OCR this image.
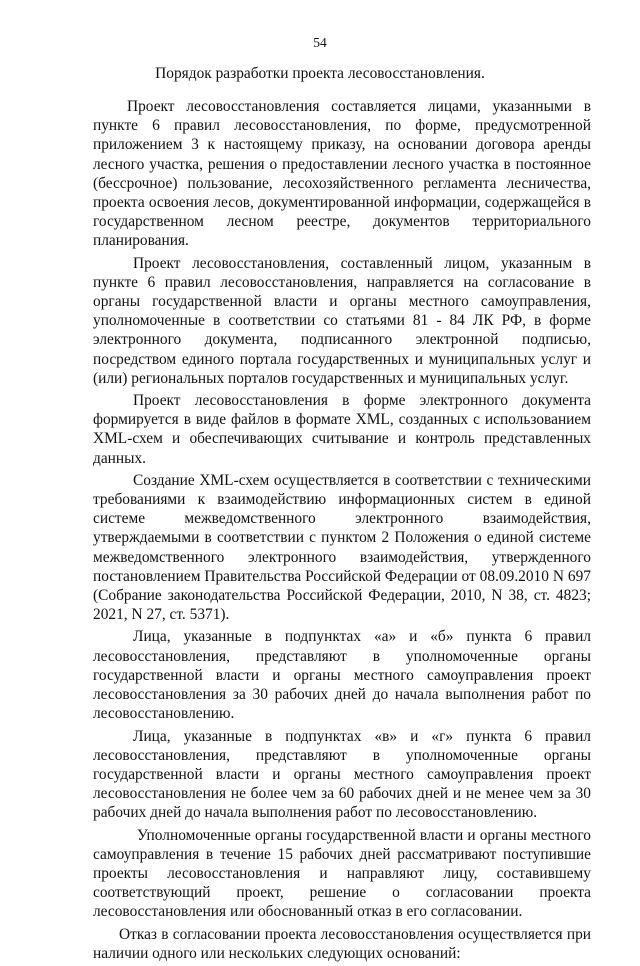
54
Порядок разработки проекта лесовосстановления.

Проект лесовосстановления составляется лицами, указанными в пункте 6 правил лесовосстановления, по форме, предусмотренной приложением 3 к настоящему приказу, на основании договора аренды лесного участка, решения о предоставлении лесного участка в постоянное (бессрочное) пользование, лесохозяйственного регламента лесничества, проекта освоения лесов, документированной информации, содержащейся в государственном лесном реестре, документов территориального планирования.

Проект лесовосстановления, составленный лицом, указанным в пункте 6 правил лесовосстановления, направляется на согласование в органы государственной власти и органы местного самоуправления, уполномоченные в соответствии со статьями 81 - 84 ЛК РФ, в форме электронного документа, подписанного электронной подписью, посредством единого портала государственных и муниципальных услуг и (или) региональных порталов государственных и муниципальных услуг.

Проект лесовосстановления в форме электронного документа формируется в виде файлов в формате XML, созданных с использованием XML-схем и обеспечивающих считывание и контроль представленных данных.

Создание XML-схем осуществляется в соответствии с техническими требованиями к взаимодействию информационных систем в единой системе межведомственного электронного взаимодействия, утверждаемыми в соответствии с пунктом 2 Положения о единой системе межведомственного электронного взаимодействия, утвержденного постановлением Правительства Российской Федерации от 08.09.2010 N 697 (Собрание законодательства Российской Федерации, 2010, N 38, ст. 4823; 2021, N 27, ст. 5371).

Лица, указанные в подпунктах «а» и «б» пункта 6 правил лесовосстановления, представляют в уполномоченные органы государственной власти и органы местного самоуправления проект лесовосстановления за 30 рабочих дней до начала выполнения работ по лесовосстановлению.

Лица, указанные в подпунктах «в» и «г» пункта 6 правил лесовосстановления, представляют в уполномоченные органы государственной власти и органы местного самоуправления проект лесовосстановления не более чем за 60 рабочих дней и не менее чем за 30 рабочих дней до начала выполнения работ по лесовосстановлению.

Уполномоченные органы государственной власти и органы местного самоуправления в течение 15 рабочих дней рассматривают поступившие проекты лесовосстановления и направляют лицу, составившему соответствующий проект, решение о согласовании проекта лесовосстановления или обоснованный отказ в его согласовании.

Отказ в согласовании проекта лесовосстановления осуществляется при наличии одного или нескольких следующих оснований:
